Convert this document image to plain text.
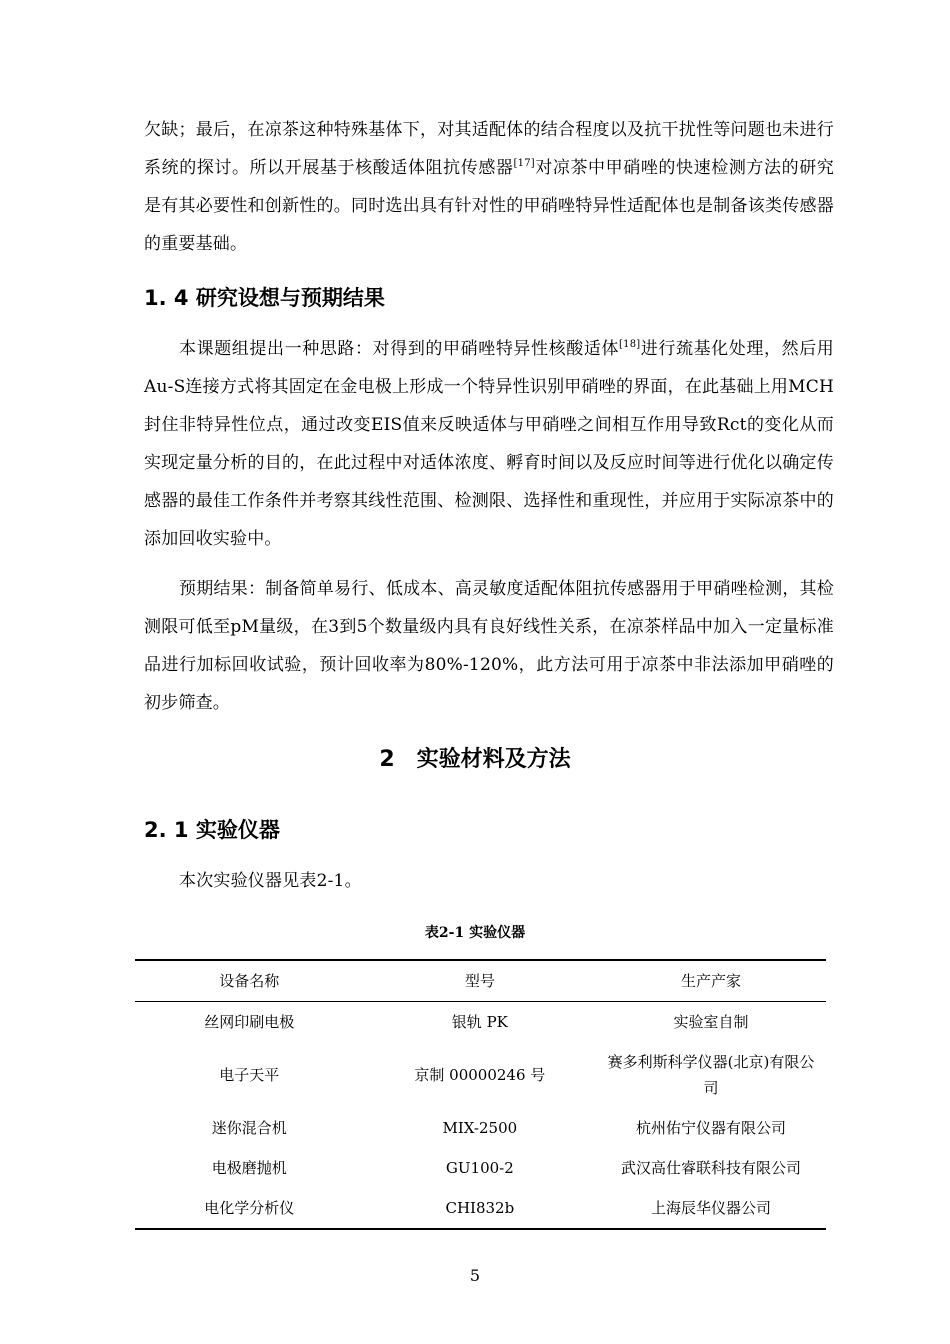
欠缺；最后，在凉茶这种特殊基体下，对其适配体的结合程度以及抗干扰性等问题也未进行系统的探讨。所以开展基于核酸适体阻抗传感器[17]对凉茶中甲硝唑的快速检测方法的研究是有其必要性和创新性的。同时选出具有针对性的甲硝唑特异性适配体也是制备该类传感器的重要基础。

1. 4 研究设想与预期结果

本课题组提出一种思路：对得到的甲硝唑特异性核酸适体[18]进行巯基化处理，然后用Au-S连接方式将其固定在金电极上形成一个特异性识别甲硝唑的界面，在此基础上用MCH封住非特异性位点，通过改变EIS值来反映适体与甲硝唑之间相互作用导致Rct的变化从而实现定量分析的目的，在此过程中对适体浓度、孵育时间以及反应时间等进行优化以确定传感器的最佳工作条件并考察其线性范围、检测限、选择性和重现性，并应用于实际凉茶中的添加回收实验中。

预期结果：制备简单易行、低成本、高灵敏度适配体阻抗传感器用于甲硝唑检测，其检测限可低至pM量级，在3到5个数量级内具有良好线性关系，在凉茶样品中加入一定量标准品进行加标回收试验，预计回收率为80%-120%，此方法可用于凉茶中非法添加甲硝唑的初步筛查。

2　实验材料及方法
2. 1 实验仪器

本次实验仪器见表2-1。

表2-1 实验仪器
设备名称	型号	生产产家
丝网印刷电极	银轨 PK	实验室自制
电子天平	京制 00000246 号	赛多利斯科学仪器(北京)有限公司
迷你混合机	MIX-2500	杭州佑宁仪器有限公司
电极磨抛机	GU100-2	武汉高仕睿联科技有限公司
电化学分析仪	CHI832b	上海辰华仪器公司
5
